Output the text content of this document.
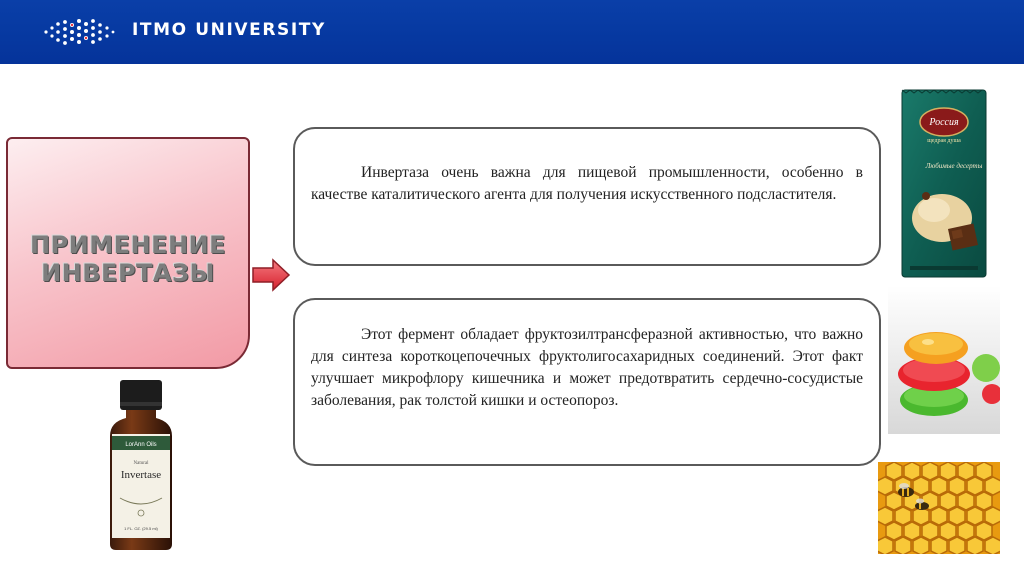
ITMO UNIVERSITY
ПРИМЕНЕНИЕ
ИНВЕРТАЗЫ

Инвертаза очень важна для пищевой промышленности, особенно в качестве каталитического агента для получения искусственного подсластителя.

Этот фермент обладает фруктозилтрансферазной активностью, что важно для синтеза короткоцепочечных фруктолигосахаридных соединений. Этот факт улучшает микрофлору кишечника и может предотвратить сердечно-сосудистые заболевания, рак толстой кишки и остеопороз.

LorAnn Oils
Natural
Invertase
1 FL. OZ. (29.5 ml)
Россия
щедрая душа
Любимые десерты
